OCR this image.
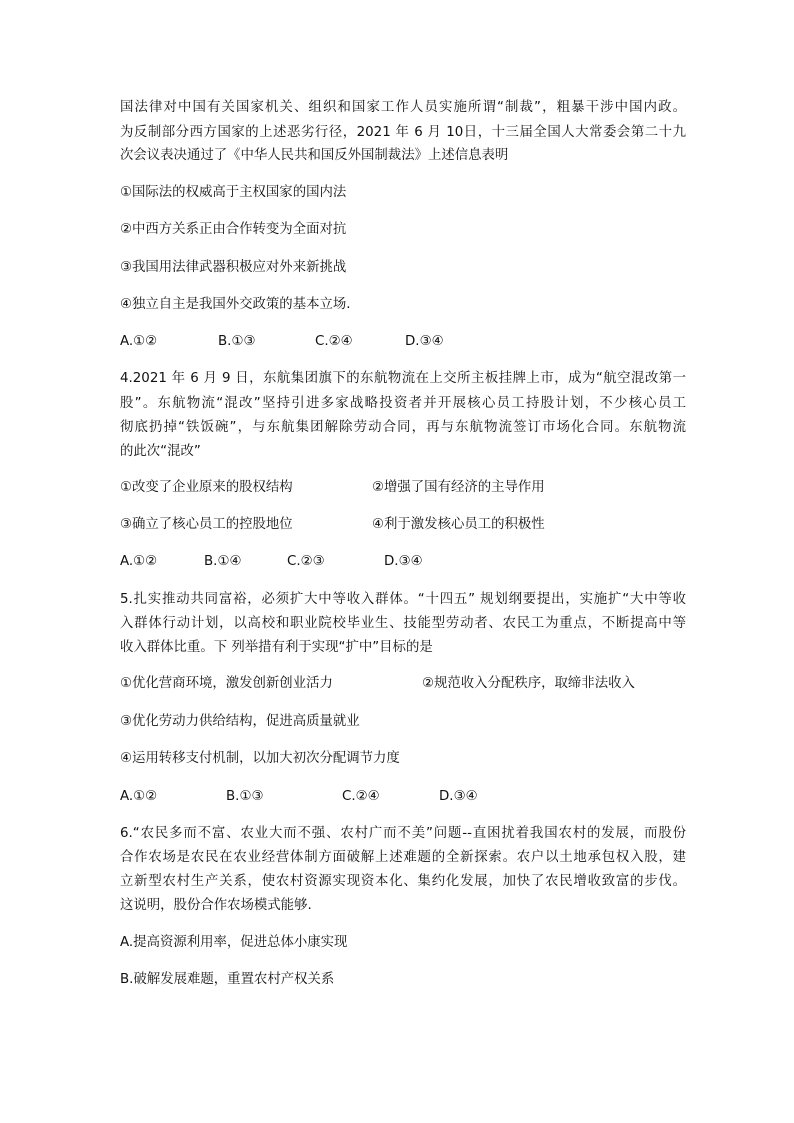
国法律对中国有关国家机关、组织和国家工作人员实施所谓“制裁”，粗暴干涉中国内政。
为反制部分西方国家的上述恶劣行径，2021 年 6 月 10日，十三届全国人大常委会第二十九
次会议表决通过了《中华人民共和国反外国制裁法》上述信息表明
①国际法的权威高于主权国家的国内法
②中西方关系正由合作转变为全面对抗
③我国用法律武器积极应对外来新挑战
④独立自主是我国外交政策的基本立场.
A.①②	B.①③	C.②④	D.③④
4.2021 年 6 月 9 日，东航集团旗下的东航物流在上交所主板挂牌上市，成为“航空混改第一
股”。东航物流“混改”坚持引进多家战略投资者并开展核心员工持股计划，不少核心员工
彻底扔掉“铁饭碗”，与东航集团解除劳动合同，再与东航物流签订市场化合同。东航物流
的此次“混改”
①改变了企业原来的股权结构	②增强了国有经济的主导作用
③确立了核心员工的控股地位	④利于激发核心员工的积极性
A.①②	B.①④	C.②③	D.③④
5.扎实推动共同富裕，必须扩大中等收入群体。“十四五” 规划纲要提出，实施扩“大中等收
入群体行动计划，以高校和职业院校毕业生、技能型劳动者、农民工为重点，不断提高中等
收入群体比重。下 列举措有利于实现“扩中”目标的是
①优化营商环境，激发创新创业活力	②规范收入分配秩序，取缔非法收入
③优化劳动力供给结构，促进高质量就业
④运用转移支付机制，以加大初次分配调节力度
A.①②	B.①③	C.②④	D.③④
6.“农民多而不富、农业大而不强、农村广而不美”问题--直困扰着我国农村的发展，而股份
合作农场是农民在农业经营体制方面破解上述难题的全新探索。农户以土地承包权入股，建
立新型农村生产关系，使农村资源实现资本化、集约化发展，加快了农民增收致富的步伐。
这说明，股份合作农场模式能够.
A.提高资源利用率，促进总体小康实现
B.破解发展难题，重置农村产权关系
